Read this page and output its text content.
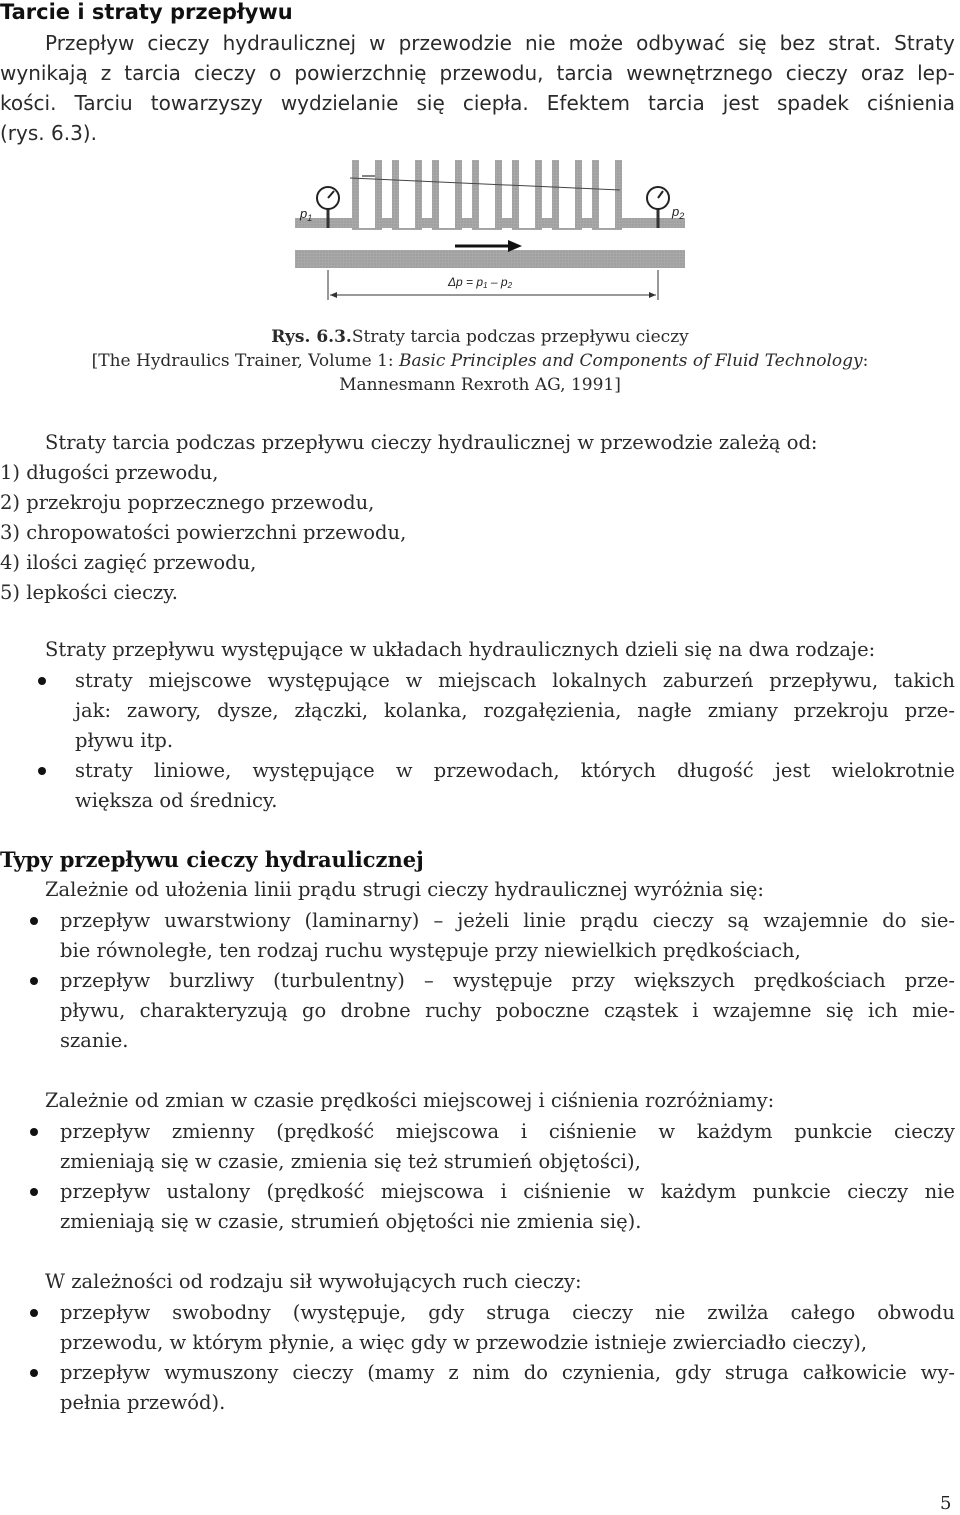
Tarcie i straty przepływu
Przepływ cieczy hydraulicznej w przewodzie nie może odbywać się bez strat. Straty
wynikają z tarcia cieczy o powierzchnię przewodu, tarcia wewnętrznego cieczy oraz lep-
kości. Tarciu towarzyszy wydzielanie się ciepła. Efektem tarcia jest spadek ciśnienia
(rys. 6.3).
$p_1$	$p_2$
Δp = p1 – p2
Rys. 6.3.Straty tarcia podczas przepływu cieczy
[The Hydraulics Trainer, Volume 1: Basic Principles and Components of Fluid Technology:
Mannesmann Rexroth AG, 1991]
Straty tarcia podczas przepływu cieczy hydraulicznej w przewodzie zależą od:
1) długości przewodu,
2) przekroju poprzecznego przewodu,
3) chropowatości powierzchni przewodu,
4) ilości zagięć przewodu,
5) lepkości cieczy.
Straty przepływu występujące w układach hydraulicznych dzieli się na dwa rodzaje:
straty miejscowe występujące w miejscach lokalnych zaburzeń przepływu, takich
jak: zawory, dysze, złączki, kolanka, rozgałęzienia, nagłe zmiany przekroju prze-
pływu itp.
straty liniowe, występujące w przewodach, których długość jest wielokrotnie
większa od średnicy.
Typy przepływu cieczy hydraulicznej
Zależnie od ułożenia linii prądu strugi cieczy hydraulicznej wyróżnia się:
przepływ uwarstwiony (laminarny) – jeżeli linie prądu cieczy są wzajemnie do sie-
bie równoległe, ten rodzaj ruchu występuje przy niewielkich prędkościach,
przepływ burzliwy (turbulentny) – występuje przy większych prędkościach prze-
pływu, charakteryzują go drobne ruchy poboczne cząstek i wzajemne się ich mie-
szanie.
Zależnie od zmian w czasie prędkości miejscowej i ciśnienia rozróżniamy:
przepływ zmienny (prędkość miejscowa i ciśnienie w każdym punkcie cieczy
zmieniają się w czasie, zmienia się też strumień objętości),
przepływ ustalony (prędkość miejscowa i ciśnienie w każdym punkcie cieczy nie
zmieniają się w czasie, strumień objętości nie zmienia się).
W zależności od rodzaju sił wywołujących ruch cieczy:
przepływ swobodny (występuje, gdy struga cieczy nie zwilża całego obwodu
przewodu, w którym płynie, a więc gdy w przewodzie istnieje zwierciadło cieczy),
przepływ wymuszony cieczy (mamy z nim do czynienia, gdy struga całkowicie wy-
pełnia przewód).
5
